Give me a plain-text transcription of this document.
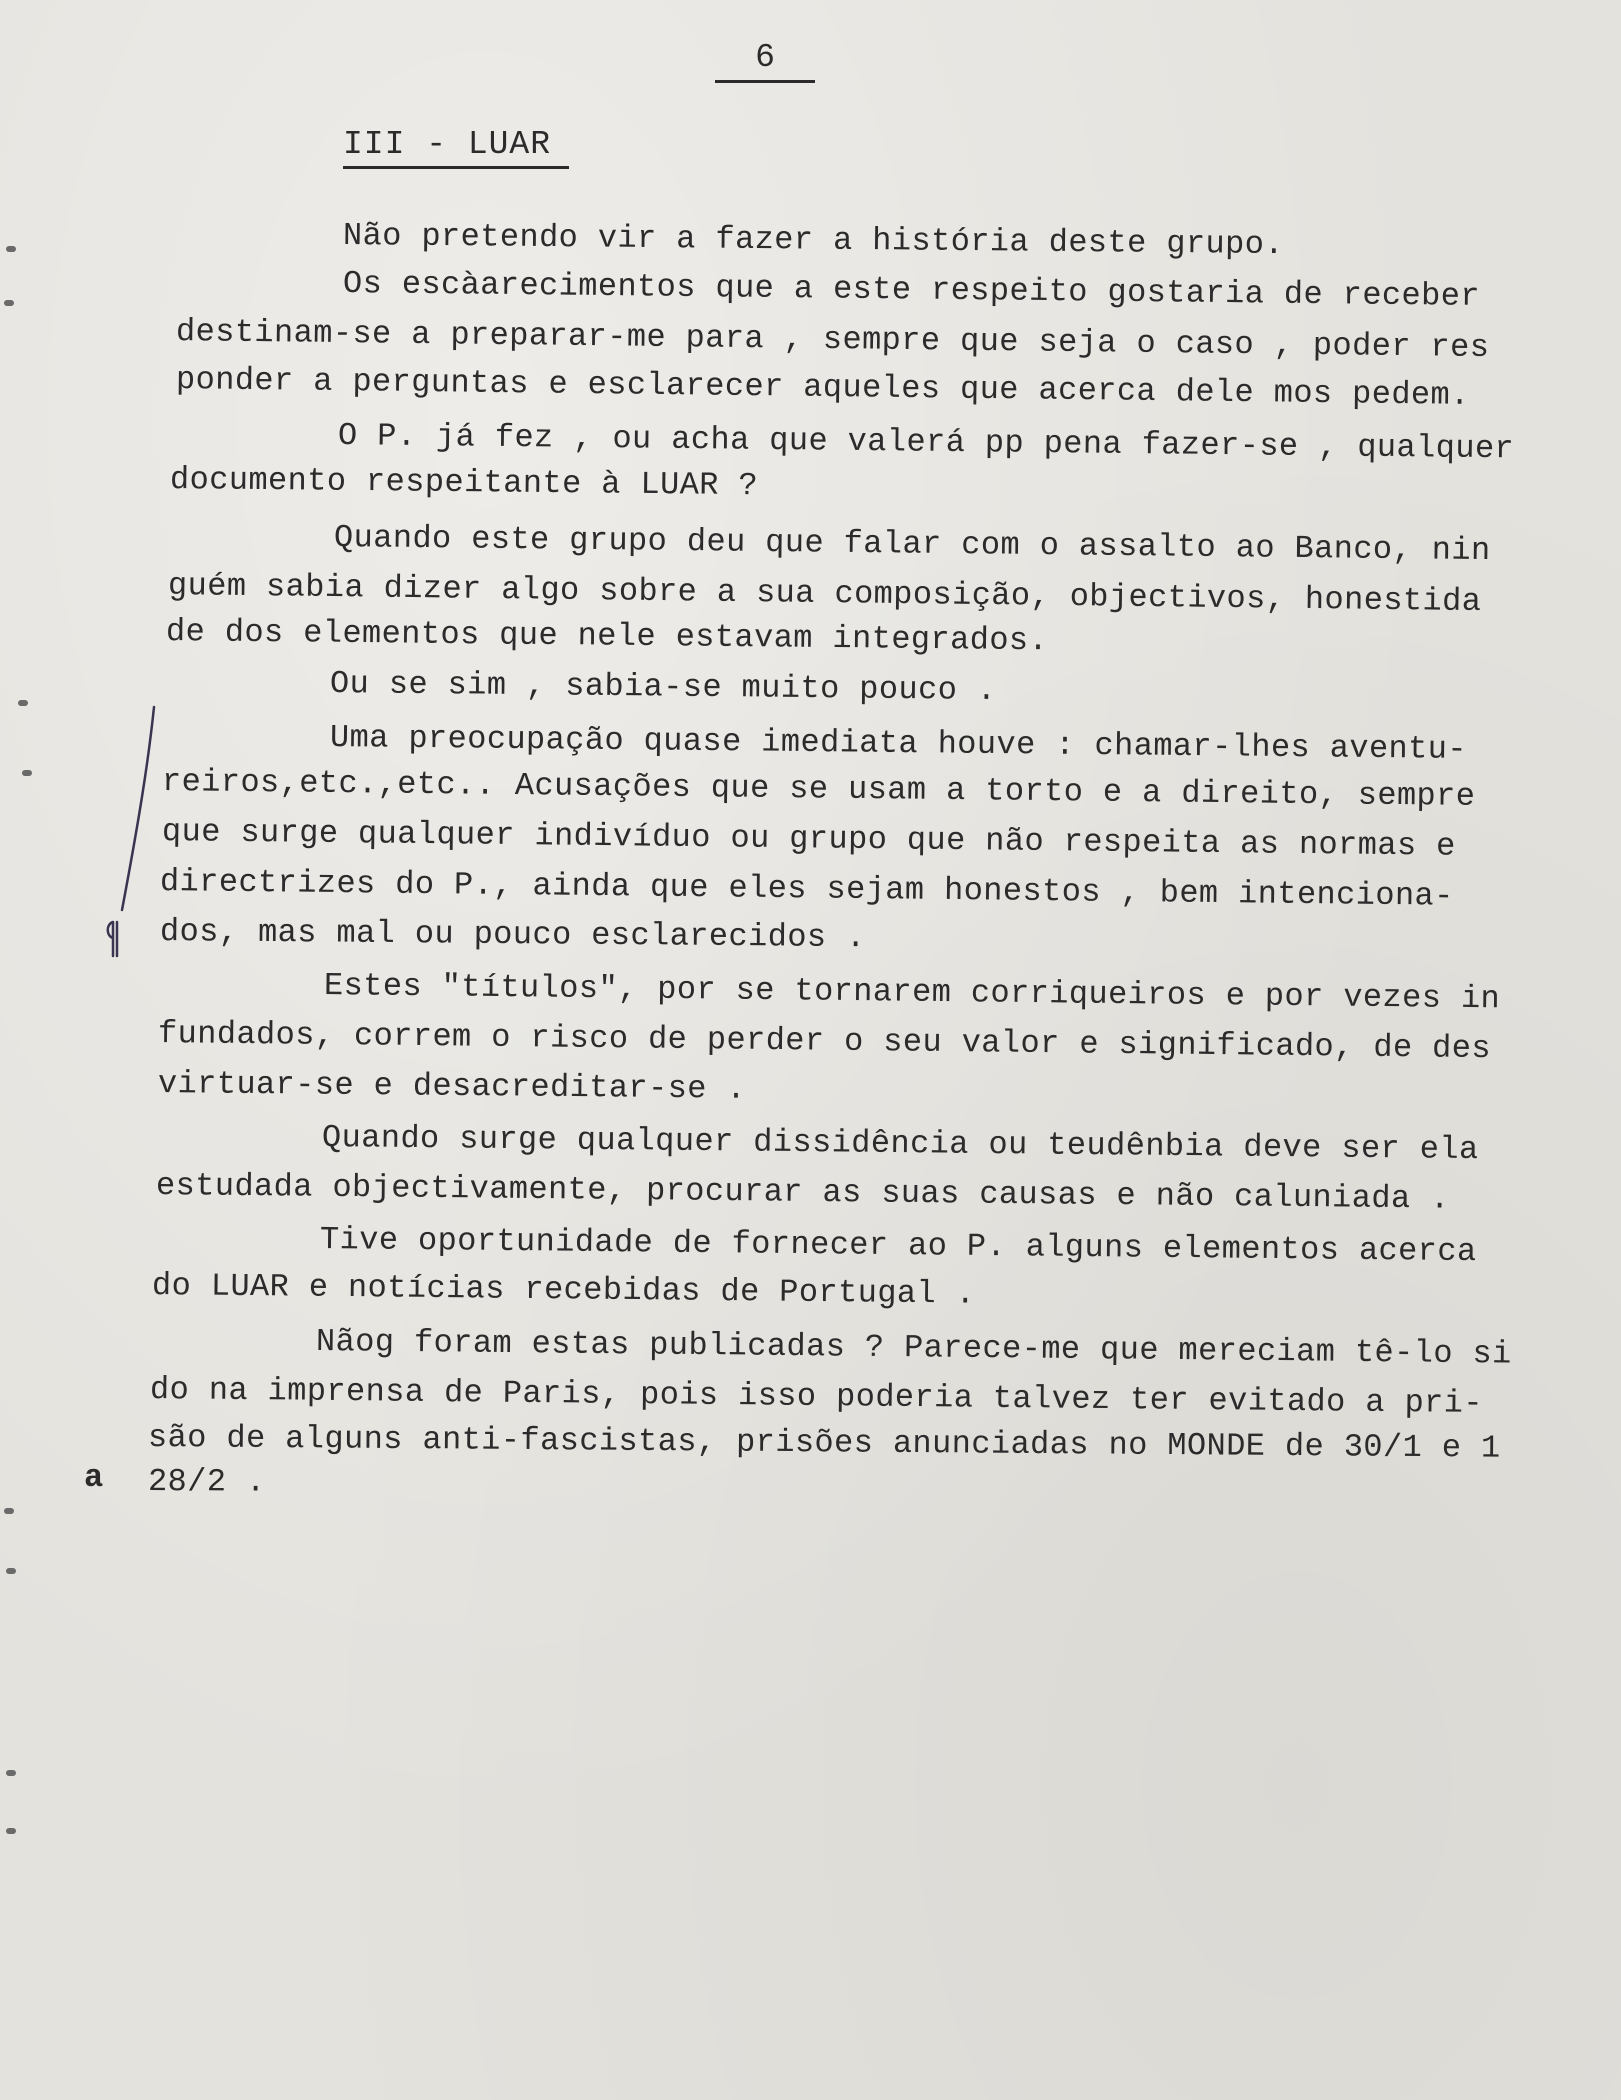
6
III - LUAR
Não pretendo vir a fazer a história deste grupo.
Os escàarecimentos que a este respeito gostaria de receber
destinam-se a preparar-me para , sempre que seja o caso , poder res
ponder a perguntas e esclarecer aqueles que acerca dele mos pedem.
O P. já fez , ou acha que valerá pp pena fazer-se , qualquer
documento respeitante à LUAR ?
Quando este grupo deu que falar com o assalto ao Banco, nin
guém sabia dizer algo sobre a sua composição, objectivos, honestida
de dos elementos que nele estavam integrados.
Ou se sim , sabia-se muito pouco .
Uma preocupação quase imediata houve : chamar-lhes aventu-
reiros,etc.,etc.. Acusações que se usam a torto e a direito, sempre
que surge qualquer indivíduo ou grupo que não respeita as normas e
directrizes do P., ainda que eles sejam honestos , bem intenciona-
dos, mas mal ou pouco esclarecidos .
Estes "títulos", por se tornarem corriqueiros e por vezes in
fundados, correm o risco de perder o seu valor e significado, de des
virtuar-se e desacreditar-se .
Quando surge qualquer dissidência ou teudênbia deve ser ela
estudada objectivamente, procurar as suas causas e não caluniada .
Tive oportunidade de fornecer ao P. alguns elementos acerca
do LUAR e notícias recebidas de Portugal .
Nãog foram estas publicadas ? Parece-me que mereciam tê-lo si
do na imprensa de Paris, pois isso poderia talvez ter evitado a pri-
são de alguns anti-fascistas, prisões anunciadas no MONDE de 30/1 e 1
28/2 .
a
